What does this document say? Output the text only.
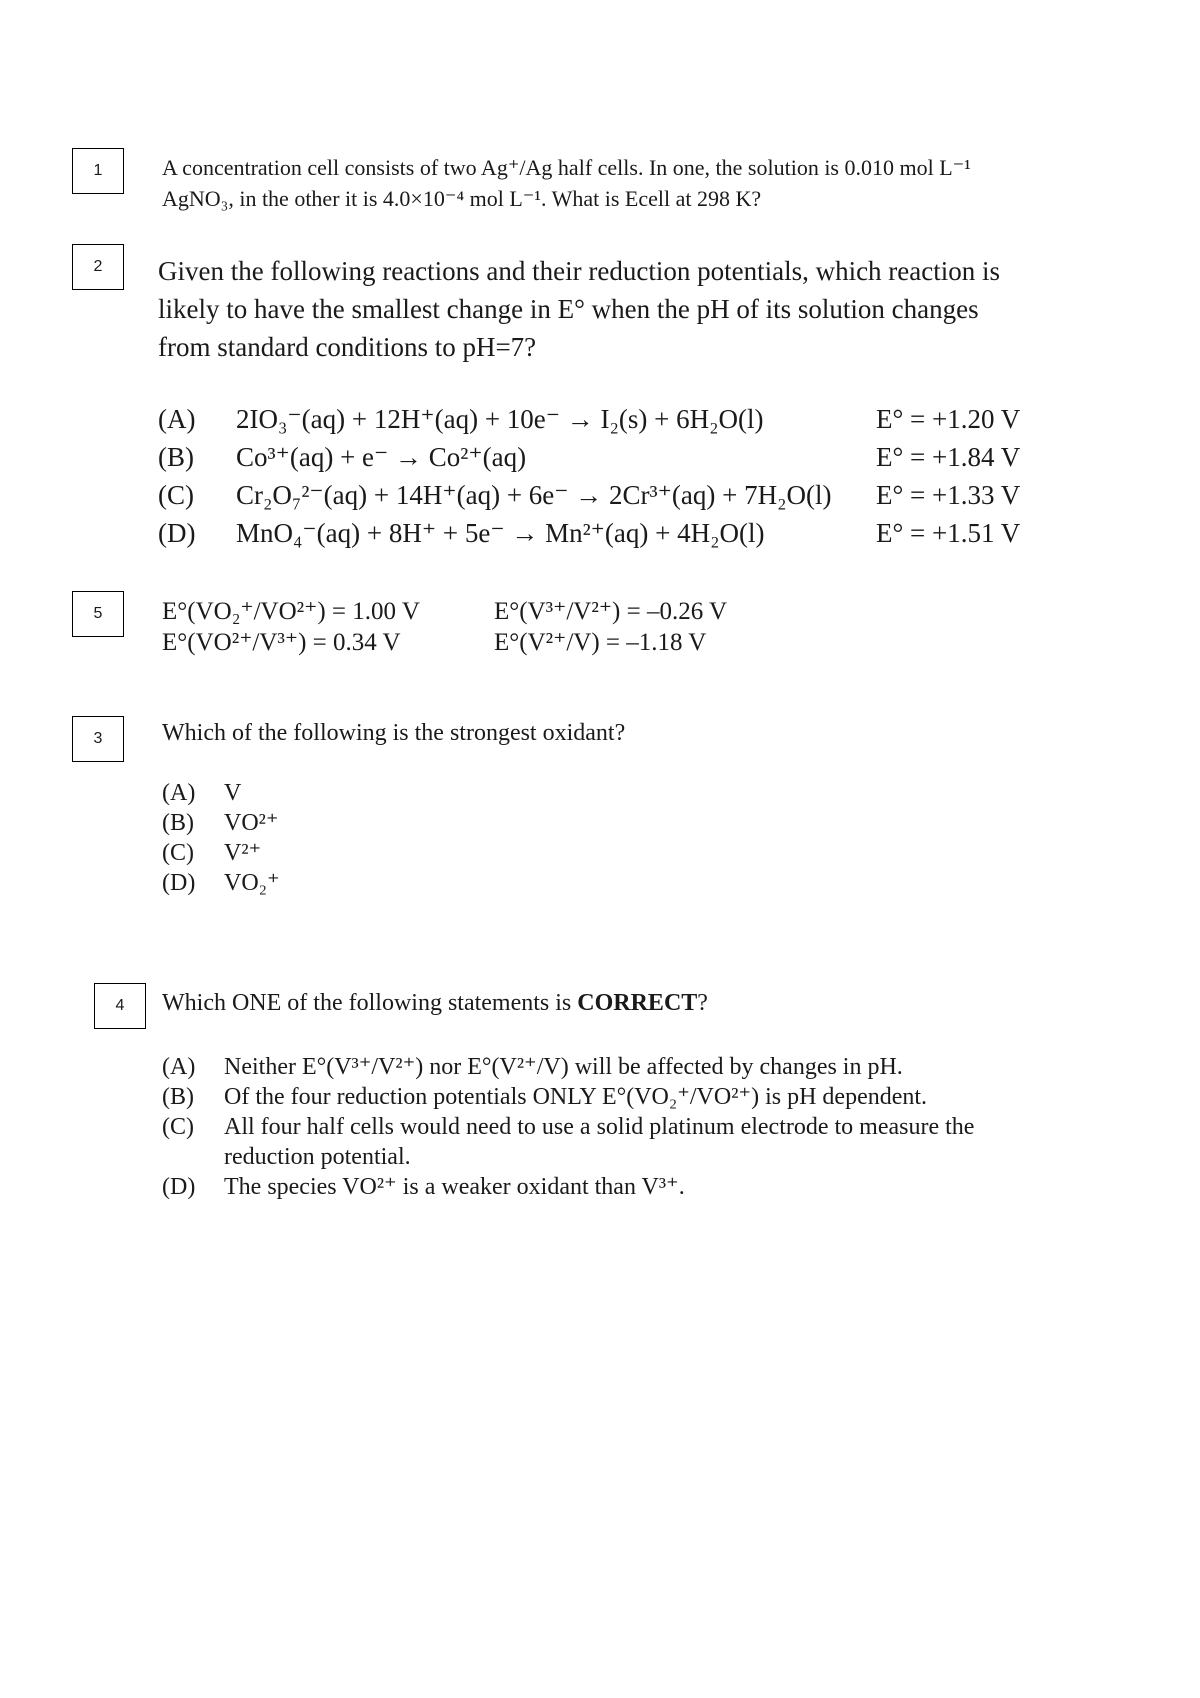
1	A concentration cell consists of two Ag⁺/Ag half cells. In one, the solution is 0.010 mol L⁻¹
AgNO₃, in the other it is 4.0×10⁻⁴ mol L⁻¹. What is Ecell at 298 K?
2 Given the following reactions and their reduction potentials, which reaction is
likely to have the smallest change in E° when the pH of its solution changes
from standard conditions to pH=7?
(A) 2IO₃⁻(aq) + 12H⁺(aq) + 10e⁻ → I₂(s) + 6H₂O(l)	E° = +1.20 V
(B) Co³⁺(aq) + e⁻ → Co²⁺(aq)	E° = +1.84 V
(C) Cr₂O₇²⁻(aq) + 14H⁺(aq) + 6e⁻ → 2Cr³⁺(aq) + 7H₂O(l) E° = +1.33 V
(D) MnO₄⁻(aq) + 8H⁺ + 5e⁻ → Mn²⁺(aq) + 4H₂O(l)	E° = +1.51 V
5 E°(VO₂⁺/VO²⁺) = 1.00 V	E°(V³⁺/V²⁺) = –0.26 V
E°(VO²⁺/V³⁺) = 0.34 V	E°(V²⁺/V) = –1.18 V
3 Which of the following is the strongest oxidant?
(A) V
(B) VO²⁺
(C) V²⁺
(D) VO₂⁺
4 Which ONE of the following statements is CORRECT?
(A) Neither E°(V³⁺/V²⁺) nor E°(V²⁺/V) will be affected by changes in pH.
(B) Of the four reduction potentials ONLY E°(VO₂⁺/VO²⁺) is pH dependent.
(C) All four half cells would need to use a solid platinum electrode to measure the
reduction potential.
(D) The species VO²⁺ is a weaker oxidant than V³⁺.
